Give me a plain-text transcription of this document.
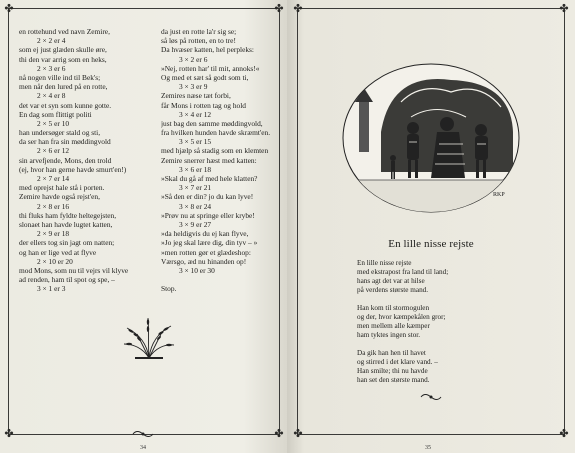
✤	✤
✤	✤
en rottehund ved navn Zemire,
2 × 2 er 4
som ej just glæden skulle øre,
thi den var arrig som en heks,
2 × 3 er 6
nå nogen ville ind til Bek's;
men når den lured på en rotte,
2 × 4 er 8
det var et syn som kunne gotte.
En dag som flittigt politi
2 × 5 er 10
han undersøger stald og sti,
da ser han fra sin møddingvold
2 × 6 er 12
sin arvefjende, Mons, den trold
(ej, hvor han gerne havde smurt'en!)
2 × 7 er 14
med oprejst hale stå i porten.
Zemire havde også rejst'en,
2 × 8 er 16
thi fluks ham fyldte heltegejsten,
slonaet han havde lugtet katten,
2 × 9 er 18
der ellers tog sin jagt om natten;
og han er lige ved at flyve
2 × 10 er 20
mod Mons, som nu til vejrs vil klyve
ad renden, ham til spot og spe, –
3 × 1 er 3
da just en rotte la'r sig se;
så løs på rotten, en to tre!
Da hvæser katten, hel perpleks:
3 × 2 er 6
»Nej, rotten har' til mit, annoks!«
Og med et sæt så godt som ti,
3 × 3 er 9
Zemires næse tæt forbi,
får Mons i rotten tag og hold
3 × 4 er 12
just bag den samme møddingvold,
fra hvilken hunden havde skræmt'en.
3 × 5 er 15
med hjælp så stadig som en klemten
Zemire snerrer hæst med katten:
3 × 6 er 18
»Skal du gå af med hele klatten?
3 × 7 er 21
»Så den er din? jo du kan lyve!
3 × 8 er 24
»Prøv nu at springe eller krybe!
3 × 9 er 27
»da heldigvis du ej kan flyve,
»Jo jeg skal lære dig, din tyv – »
»men rotten gør et glædeshop:
Værsgo, æd nu hinanden op!
3 × 10 er 30
Stop.
34
✤	✤
✤	✤
RKP
En lille nisse rejste
En lille nisse rejste
med ekstrapost fra land til land;
hans agt det var at hilse
på verdens største mand.
Han kom til stormogulen
og der, hvor kæmpekålen gror;
men mellem alle kæmper
ham tyktes ingen stor.
Da gik han hen til havet
og stirred i det klare vand. –
Han smilte; thi nu havde
han set den største mand.
35
